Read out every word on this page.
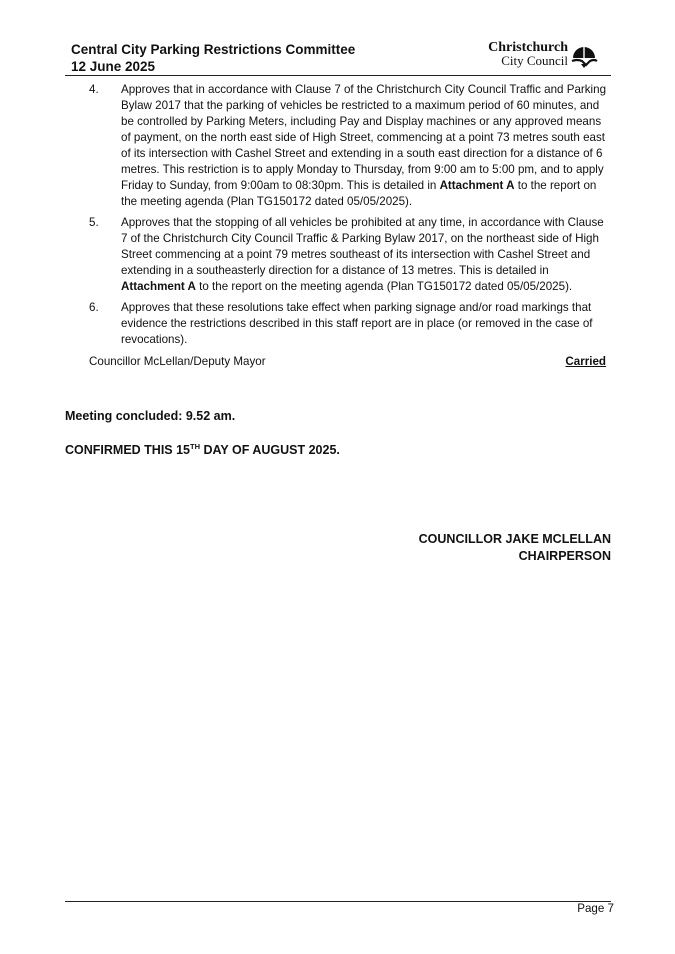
Central City Parking Restrictions Committee
12 June 2025
Christchurch
City Council
4. Approves that in accordance with Clause 7 of the Christchurch City Council Traffic and Parking Bylaw 2017 that the parking of vehicles be restricted to a maximum period of 60 minutes, and be controlled by Parking Meters, including Pay and Display machines or any approved means of payment, on the north east side of High Street, commencing at a point 73 metres south east of its intersection with Cashel Street and extending in a south east direction for a distance of 6 metres. This restriction is to apply Monday to Thursday, from 9:00 am to 5:00 pm, and to apply Friday to Sunday, from 9:00am to 08:30pm. This is detailed in Attachment A to the report on the meeting agenda (Plan TG150172 dated 05/05/2025).
5. Approves that the stopping of all vehicles be prohibited at any time, in accordance with Clause 7 of the Christchurch City Council Traffic & Parking Bylaw 2017, on the northeast side of High Street commencing at a point 79 metres southeast of its intersection with Cashel Street and extending in a southeasterly direction for a distance of 13 metres. This is detailed in Attachment A to the report on the meeting agenda (Plan TG150172 dated 05/05/2025).
6. Approves that these resolutions take effect when parking signage and/or road markings that evidence the restrictions described in this staff report are in place (or removed in the case of revocations).
Councillor McLellan/Deputy Mayor	Carried
Meeting concluded: 9.52 am.
CONFIRMED THIS 15TH DAY OF AUGUST 2025.
COUNCILLOR JAKE MCLELLAN
CHAIRPERSON
Page 7
